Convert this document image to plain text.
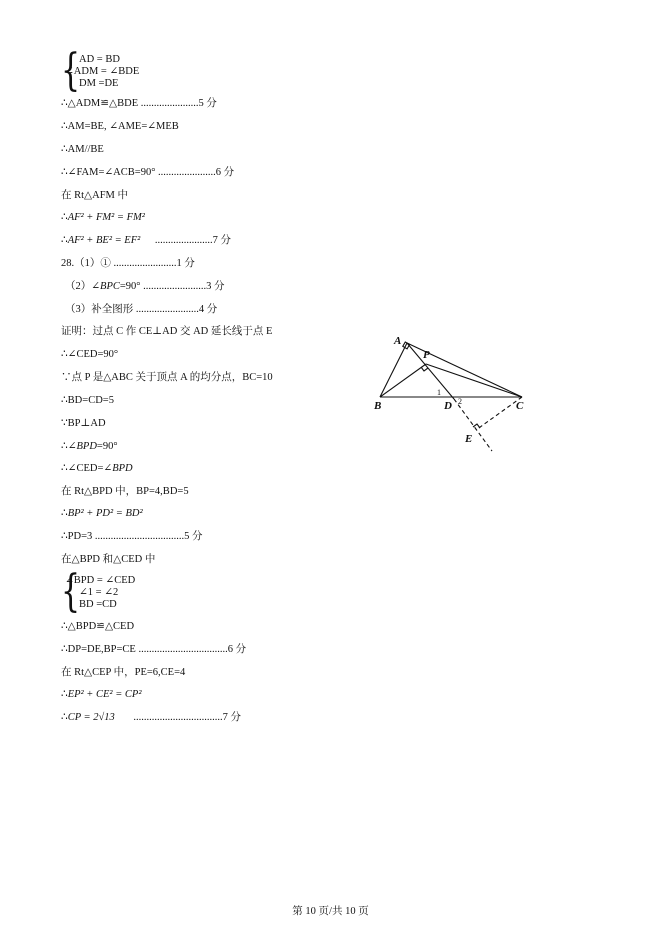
{
AD = BD
∠ADM = ∠BDE
DM =DE
∴△ADM≌△BDE ......................5 分
∴AM=BE, ∠AME=∠MEB
∴AM//BE
∴∠FAM=∠ACB=90° ......................6 分
在 Rt△AFM 中
∴AF² + FM² = FM²
∴AF² + BE² = EF² ......................7 分
28.（1）① ........................1 分
（2）∠BPC=90° ........................3 分
（3）补全图形 ........................4 分
证明：过点 C 作 CE⊥AD 交 AD 延长线于点 E
∴∠CED=90°
∵点 P 是△ABC 关于顶点 A 的均分点，BC=10
∴BD=CD=5
∵BP⊥AD
∴∠BPD=90°
∴∠CED=∠BPD
在 Rt△BPD 中，BP=4,BD=5
∴BP² + PD² = BD²
∴PD=3 ..................................5 分
在△BPD 和△CED 中
{
∠BPD = ∠CED
∠1 = ∠2
BD =CD
∴△BPD≌△CED
∴DP=DE,BP=CE ..................................6 分
在 Rt△CEP 中，PE=6,CE=4
∴EP² + CE² = CP²
∴CP = 2√13 ..................................7 分
A
P
B	D	C
E
1
2
第 10 页/共 10 页
